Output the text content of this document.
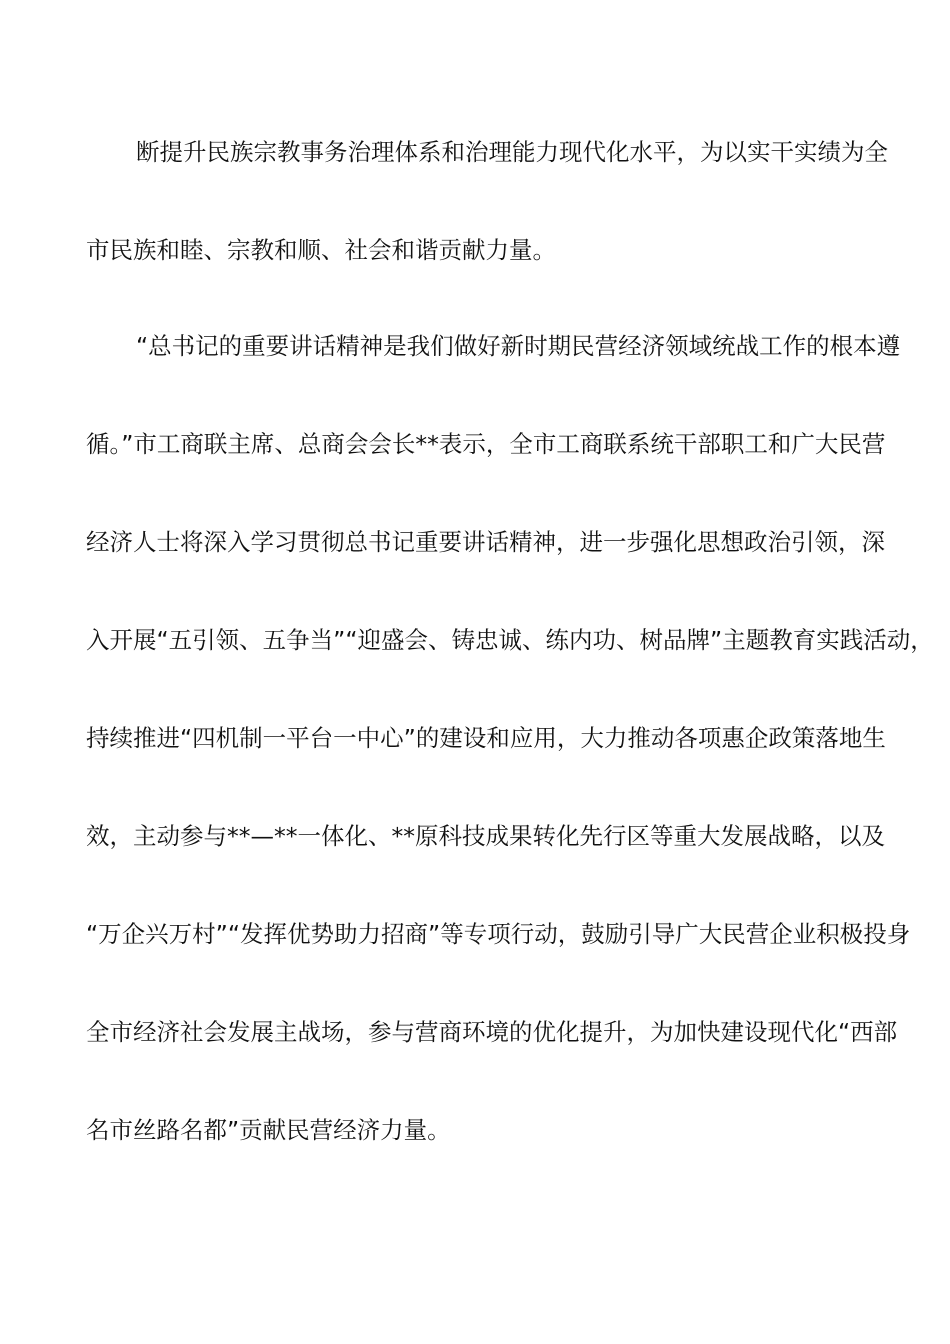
断提升民族宗教事务治理体系和治理能力现代化水平，为以实干实绩为全
市民族和睦、宗教和顺、社会和谐贡献力量。
“总书记的重要讲话精神是我们做好新时期民营经济领域统战工作的根本遵
循。”市工商联主席、总商会会长**表示，全市工商联系统干部职工和广大民营
经济人士将深入学习贯彻总书记重要讲话精神，进一步强化思想政治引领，深
入开展“五引领、五争当”“迎盛会、铸忠诚、练内功、树品牌”主题教育实践活动，
持续推进“四机制一平台一中心”的建设和应用，大力推动各项惠企政策落地生
效，主动参与**—**一体化、**原科技成果转化先行区等重大发展战略，以及
“万企兴万村”“发挥优势助力招商”等专项行动，鼓励引导广大民营企业积极投身
全市经济社会发展主战场，参与营商环境的优化提升，为加快建设现代化“西部
名市丝路名都”贡献民营经济力量。
